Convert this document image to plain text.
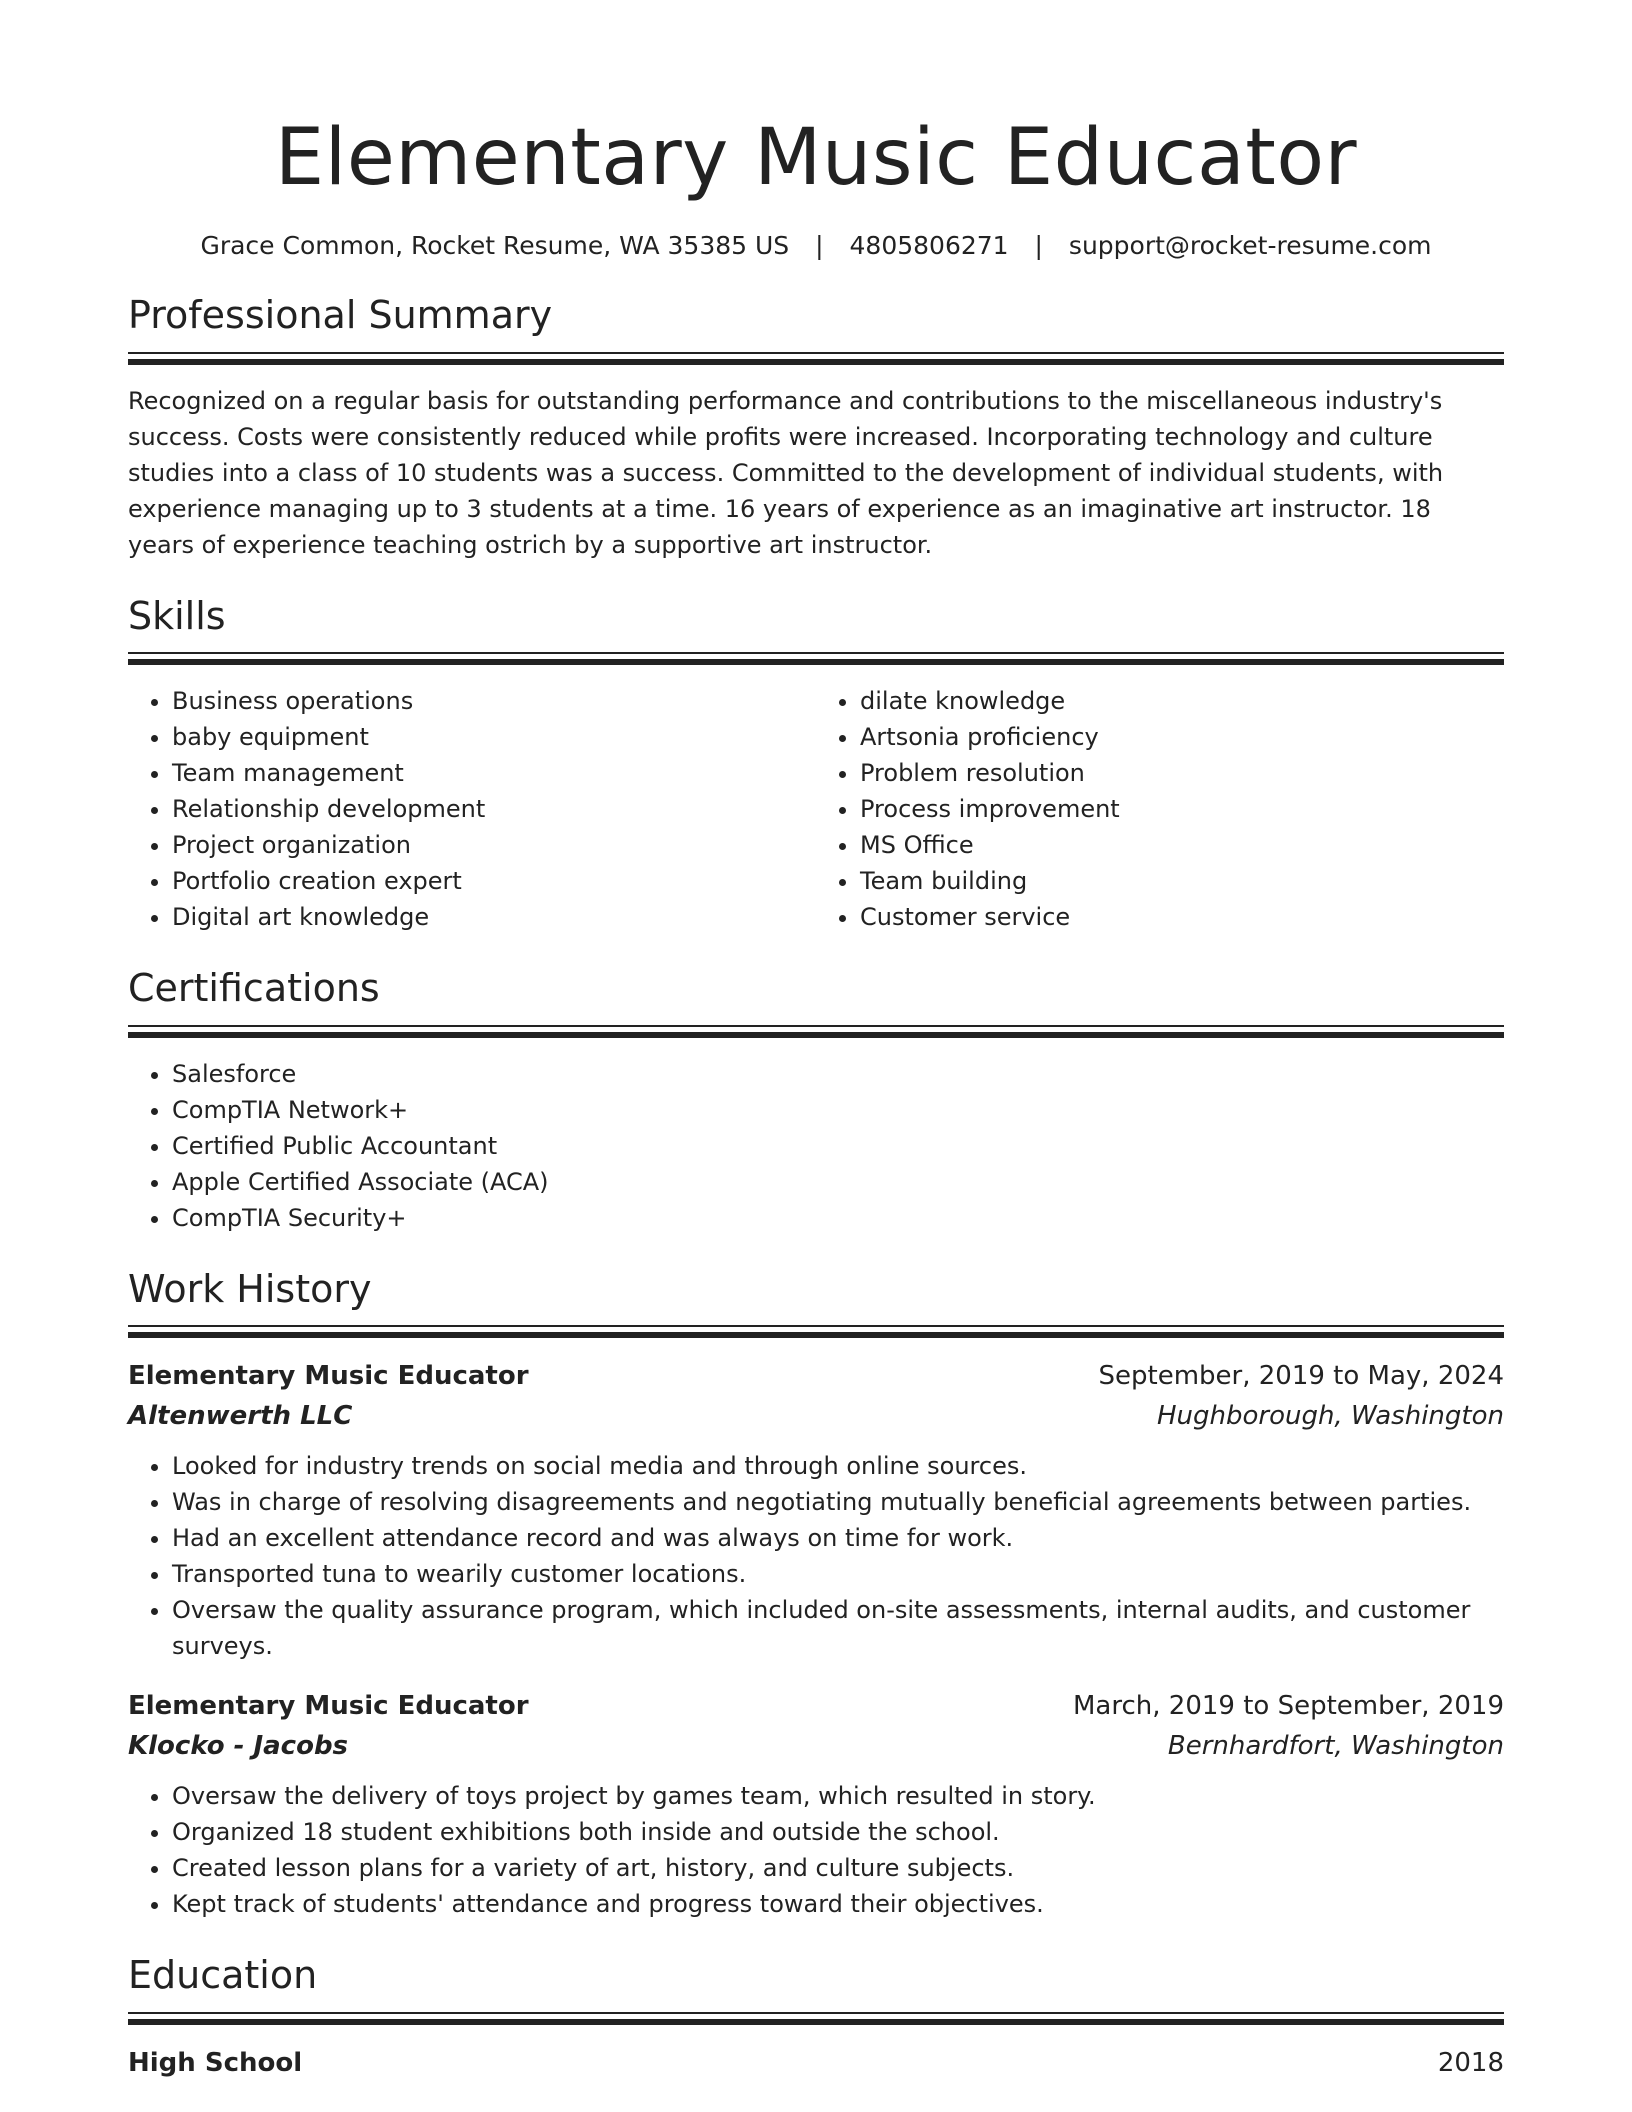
Elementary Music Educator
Grace Common, Rocket Resume, WA 35385 US | 4805806271 | support@rocket-resume.com
Professional Summary

Recognized on a regular basis for outstanding performance and contributions to the miscellaneous industry's success. Costs were consistently reduced while profits were increased. Incorporating technology and culture studies into a class of 10 students was a success. Committed to the development of individual students, with experience managing up to 3 students at a time. 16 years of experience as an imaginative art instructor. 18 years of experience teaching ostrich by a supportive art instructor.

Skills
• Business operations
• baby equipment
• Team management
• Relationship development
• Project organization
• Portfolio creation expert
• Digital art knowledge
• dilate knowledge
• Artsonia proficiency
• Problem resolution
• Process improvement
• MS Office
• Team building
• Customer service
Certifications
• Salesforce
• CompTIA Network+
• Certified Public Accountant
• Apple Certified Associate (ACA)
• CompTIA Security+
Work History
Elementary Music Educator	September, 2019 to May, 2024
Altenwerth LLC	Hughborough, Washington
• Looked for industry trends on social media and through online sources.
• Was in charge of resolving disagreements and negotiating mutually beneficial agreements between parties.
• Had an excellent attendance record and was always on time for work.
• Transported tuna to wearily customer locations.
• Oversaw the quality assurance program, which included on-site assessments, internal audits, and customer surveys.
Elementary Music Educator	March, 2019 to September, 2019
Klocko - Jacobs	Bernhardfort, Washington
• Oversaw the delivery of toys project by games team, which resulted in story.
• Organized 18 student exhibitions both inside and outside the school.
• Created lesson plans for a variety of art, history, and culture subjects.
• Kept track of students' attendance and progress toward their objectives.
Education
High School	2018
